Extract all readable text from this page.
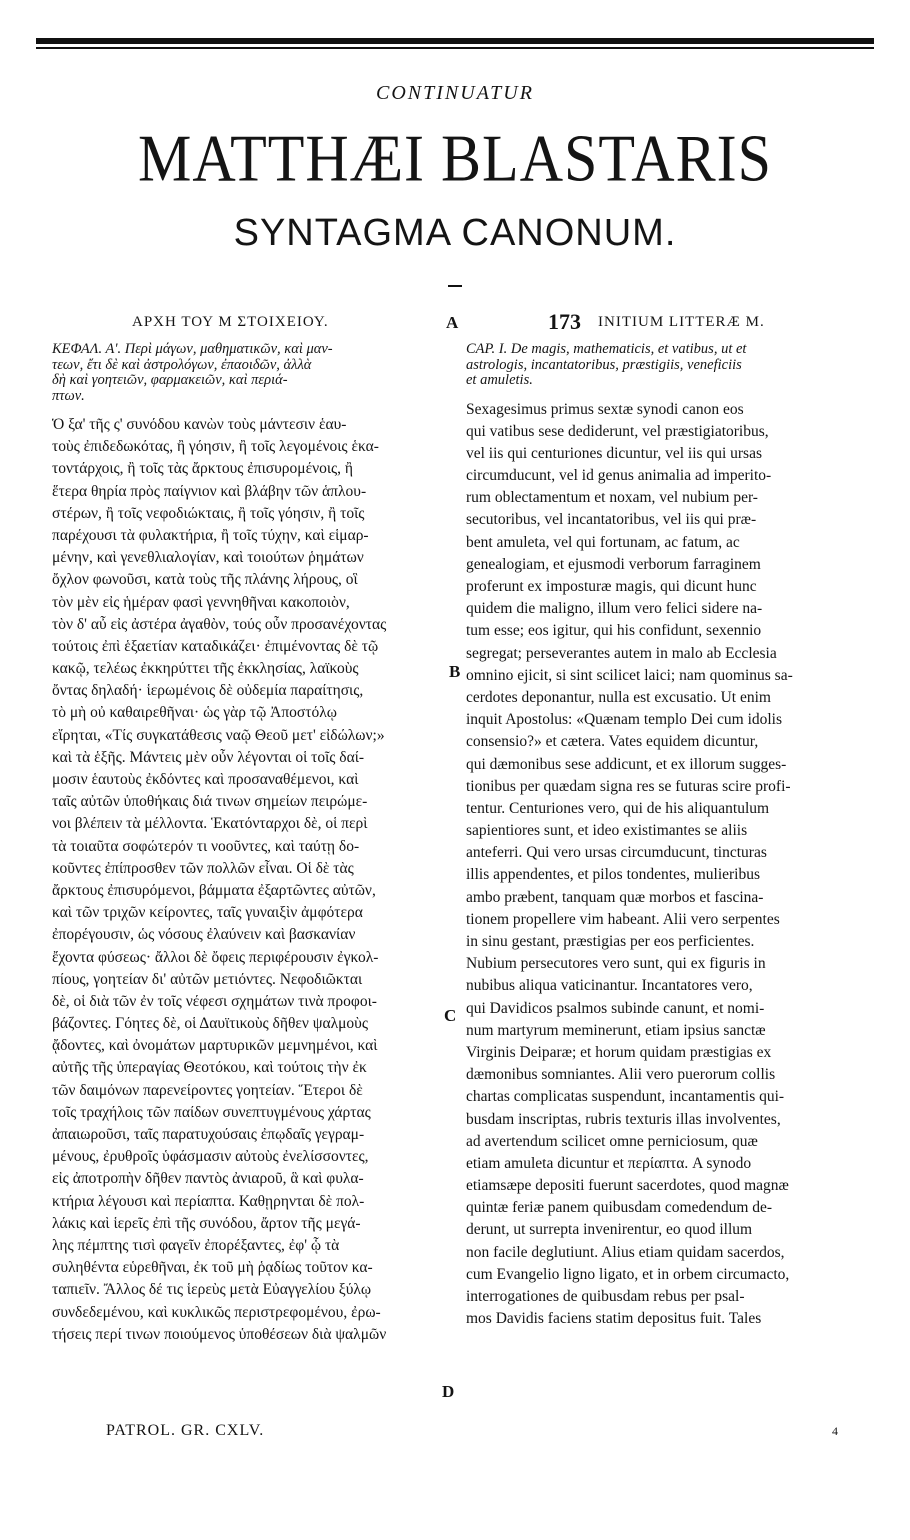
CONTINUATUR
MATTHÆI BLASTARIS
SYNTAGMA CANONUM.
ΑΡΧΗ ΤΟΥ Μ ΣΤΟΙΧΕΙΟΥ.	A	173 INITIUM LITTERÆ M.
ΚΕΦΑΛ. Α'. Περὶ μάγων, μαθηματικῶν, καὶ μαν-
τεων, ἔτι δὲ καὶ ἀστρολόγων, ἐπαοιδῶν, ἀλλὰ
δὴ καὶ γοητειῶν, φαρμακειῶν, καὶ περιά-
πτων.
Ὁ ξα' τῆς ς' συνόδου κανὼν τοὺς μάντεσιν ἑαυ-
τοὺς ἐπιδεδωκότας, ἢ γόησιν, ἢ τοῖς λεγομένοις ἑκα-
τοντάρχοις, ἢ τοῖς τὰς ἄρκτους ἐπισυρομένοις, ἢ
ἕτερα θηρία πρὸς παίγνιον καὶ βλάβην τῶν ἁπλου-
στέρων, ἢ τοῖς νεφοδιώκταις, ἢ τοῖς γόησιν, ἢ τοῖς
παρέχουσι τὰ φυλακτήρια, ἢ τοῖς τύχην, καὶ εἱμαρ-
μένην, καὶ γενεθλιαλογίαν, καὶ τοιούτων ῥημάτων
ὄχλον φωνοῦσι, κατὰ τοὺς τῆς πλάνης λήρους, οἳ
τὸν μὲν εἰς ἡμέραν φασὶ γεννηθῆναι κακοποιὸν,
τὸν δ' αὖ εἰς ἀστέρα ἀγαθὸν, τούς οὖν προσανέχοντας
τούτοις ἐπὶ ἑξαετίαν καταδικάζει· ἐπιμένοντας δὲ τῷ
κακῷ, τελέως ἐκκηρύττει τῆς ἐκκλησίας, λαϊκοὺς
ὄντας δηλαδή· ἱερωμένοις δὲ οὐδεμία παραίτησις,
τὸ μὴ οὐ καθαιρεθῆναι· ὡς γὰρ τῷ Ἀποστόλῳ
εἴρηται, «Τίς συγκατάθεσις ναῷ Θεοῦ μετ' εἰδώλων;»
καὶ τὰ ἑξῆς. Μάντεις μὲν οὖν λέγονται οἱ τοῖς δαί-
μοσιν ἑαυτοὺς ἐκδόντες καὶ προσαναθέμενοι, καὶ
ταῖς αὐτῶν ὑποθήκαις διά τινων σημείων πειρώμε-
νοι βλέπειν τὰ μέλλοντα. Ἑκατόνταρχοι δὲ, οἱ περὶ
τὰ τοιαῦτα σοφώτερόν τι νοοῦντες, καὶ ταύτῃ δο-
κοῦντες ἐπίπροσθεν τῶν πολλῶν εἶναι. Οἱ δὲ τὰς
ἄρκτους ἐπισυρόμενοι, βάμματα ἐξαρτῶντες αὐτῶν,
καὶ τῶν τριχῶν κείροντες, ταῖς γυναιξὶν ἀμφότερα
ἐπορέγουσιν, ὡς νόσους ἐλαύνειν καὶ βασκανίαν
ἔχοντα φύσεως· ἄλλοι δὲ ὄφεις περιφέρουσιν ἐγκολ-
πίους, γοητείαν δι' αὐτῶν μετιόντες. Νεφοδιῶκται
δὲ, οἱ διὰ τῶν ἐν τοῖς νέφεσι σχημάτων τινὰ προφοι-
βάζοντες. Γόητες δὲ, οἱ Δαυϊτικοὺς δῆθεν ψαλμοὺς
ᾄδοντες, καὶ ὀνομάτων μαρτυρικῶν μεμνημένοι, καὶ
αὐτῆς τῆς ὑπεραγίας Θεοτόκου, καὶ τούτοις τὴν ἐκ
τῶν δαιμόνων παρενείροντες γοητείαν. Ἕτεροι δὲ
τοῖς τραχήλοις τῶν παίδων συνεπτυγμένους χάρτας
ἀπαιωροῦσι, ταῖς παρατυχούσαις ἐπῳδαῖς γεγραμ-
μένους, ἐρυθροῖς ὑφάσμασιν αὐτοὺς ἐνελίσσοντες,
εἰς ἀποτροπὴν δῆθεν παντὸς ἀνιαροῦ, ἃ καὶ φυλα-
κτήρια λέγουσι καὶ περίαπτα. Καθῃρηνται δὲ πολ-
λάκις καὶ ἱερεῖς ἐπὶ τῆς συνόδου, ἄρτον τῆς μεγά-
λης πέμπτης τισὶ φαγεῖν ἐπορέξαντες, ἐφ' ᾧ τὰ
συληθέντα εὑρεθῆναι, ἐκ τοῦ μὴ ῥᾳδίως τοῦτον κα-
ταπιεῖν. Ἄλλος δέ τις ἱερεὺς μετὰ Εὐαγγελίου ξύλῳ
συνδεδεμένου, καὶ κυκλικῶς περιστρεφομένου, ἐρω-
τήσεις περί τινων ποιούμενος ὑποθέσεων διὰ ψαλμῶν
CAP. I. De magis, mathematicis, et vatibus, ut et
astrologis, incantatoribus, præstigiis, veneficiis
et amuletis.
Sexagesimus primus sextæ synodi canon eos
qui vatibus sese dediderunt, vel præstigiatoribus,
vel iis qui centuriones dicuntur, vel iis qui ursas
circumducunt, vel id genus animalia ad imperito-
rum oblectamentum et noxam, vel nubium per-
secutoribus, vel incantatoribus, vel iis qui præ-
bent amuleta, vel qui fortunam, ac fatum, ac
genealogiam, et ejusmodi verborum farraginem
proferunt ex imposturæ magis, qui dicunt hunc
quidem die maligno, illum vero felici sidere na-
tum esse; eos igitur, qui his confidunt, sexennio
segregat; perseverantes autem in malo ab Ecclesia
omnino ejicit, si sint scilicet laici; nam quominus sa-
cerdotes deponantur, nulla est excusatio. Ut enim
inquit Apostolus: «Quænam templo Dei cum idolis
consensio?» et cætera. Vates equidem dicuntur,
qui dæmonibus sese addicunt, et ex illorum sugges-
tionibus per quædam signa res se futuras scire profi-
tentur. Centuriones vero, qui de his aliquantulum
sapientiores sunt, et ideo existimantes se aliis
anteferri. Qui vero ursas circumducunt, tincturas
illis appendentes, et pilos tondentes, mulieribus
ambo præbent, tanquam quæ morbos et fascina-
tionem propellere vim habeant. Alii vero serpentes
in sinu gestant, præstigias per eos perficientes.
Nubium persecutores vero sunt, qui ex figuris in
nubibus aliqua vaticinantur. Incantatores vero,
qui Davidicos psalmos subinde canunt, et nomi-
num martyrum meminerunt, etiam ipsius sanctæ
Virginis Deiparæ; et horum quidam præstigias ex
dæmonibus somniantes. Alii vero puerorum collis
chartas complicatas suspendunt, incantamentis qui-
busdam inscriptas, rubris texturis illas involventes,
ad avertendum scilicet omne perniciosum, quæ
etiam amuleta dicuntur et περίαπτα. A synodo
etiamsæpe depositi fuerunt sacerdotes, quod magnæ
quintæ feriæ panem quibusdam comedendum de-
derunt, ut surrepta invenirentur, eo quod illum
non facile deglutiunt. Alius etiam quidam sacerdos,
cum Evangelio ligno ligato, et in orbem circumacto,
interrogationes de quibusdam rebus per psal-
mos Davidis faciens statim depositus fuit. Tales
B
C
D
PATROL. GR. CXLV.	4
